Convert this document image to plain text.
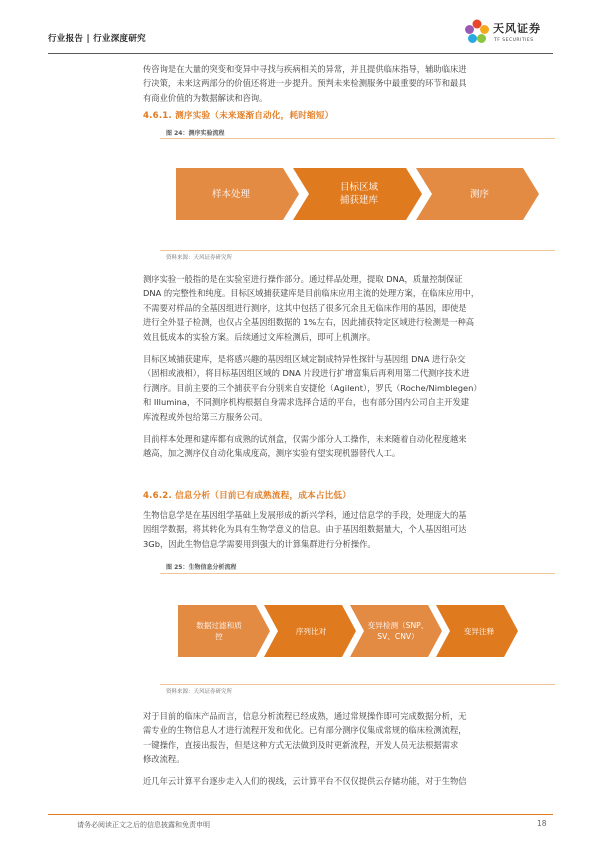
行业报告 | 行业深度研究
天风证券
TF SECURITIES
传咨询是在大量的突变和变异中寻找与疾病相关的异常，并且提供临床指导，辅助临床进
行决策，未来这两部分的价值还将进一步提升。预判未来检测服务中最重要的环节和最具
有商业价值的为数据解读和咨询。
4.6.1. 测序实验（未来逐渐自动化，耗时缩短）
图 24：测序实验流程
样本处理
目标区域
捕获建库
测序
资料来源：天风证券研究所
测序实验一般指的是在实验室进行操作部分。通过样品处理，提取 DNA，质量控制保证
DNA 的完整性和纯度。目标区域捕获建库是目前临床应用主流的处理方案，在临床应用中，
不需要对样品的全基因组进行测序，这其中包括了很多冗余且无临床作用的基因，即使是
进行全外显子检测，也仅占全基因组数据的 1%左右，因此捕获特定区域进行检测是一种高
效且低成本的实验方案。后续通过文库检测后，即可上机测序。
目标区域捕获建库，是将感兴趣的基因组区域定制成特异性探针与基因组 DNA 进行杂交
（固相或液相），将目标基因组区域的 DNA 片段进行扩增富集后再利用第二代测序技术进
行测序。目前主要的三个捕获平台分别来自安捷伦（Agilent），罗氏（Roche/Nimblegen）
和 Illumina，不同测序机构根据自身需求选择合适的平台，也有部分国内公司自主开发建
库流程或外包给第三方服务公司。
目前样本处理和建库都有成熟的试剂盒，仅需少部分人工操作，未来随着自动化程度越来
越高，加之测序仪自动化集成度高，测序实验有望实现机器替代人工。
4.6.2. 信息分析（目前已有成熟流程，成本占比低）
生物信息学是在基因组学基础上发展形成的新兴学科，通过信息学的手段，处理庞大的基
因组学数据，将其转化为具有生物学意义的信息。由于基因组数据量大，个人基因组可达
3Gb，因此生物信息学需要用到强大的计算集群进行分析操作。
图 25：生物信息分析流程
数据过滤和质
控
序列比对
变异检测（SNP、
SV、CNV）
变异注释
资料来源：天风证券研究所
对于目前的临床产品而言，信息分析流程已经成熟，通过常规操作即可完成数据分析，无
需专业的生物信息人才进行流程开发和优化。已有部分测序仪集成常规的临床检测流程，
一键操作，直接出报告，但是这种方式无法做到及时更新流程，开发人员无法根据需求
修改流程。
近几年云计算平台逐步走入人们的视线，云计算平台不仅仅提供云存储功能，对于生物信
请务必阅读正文之后的信息披露和免责申明	18
